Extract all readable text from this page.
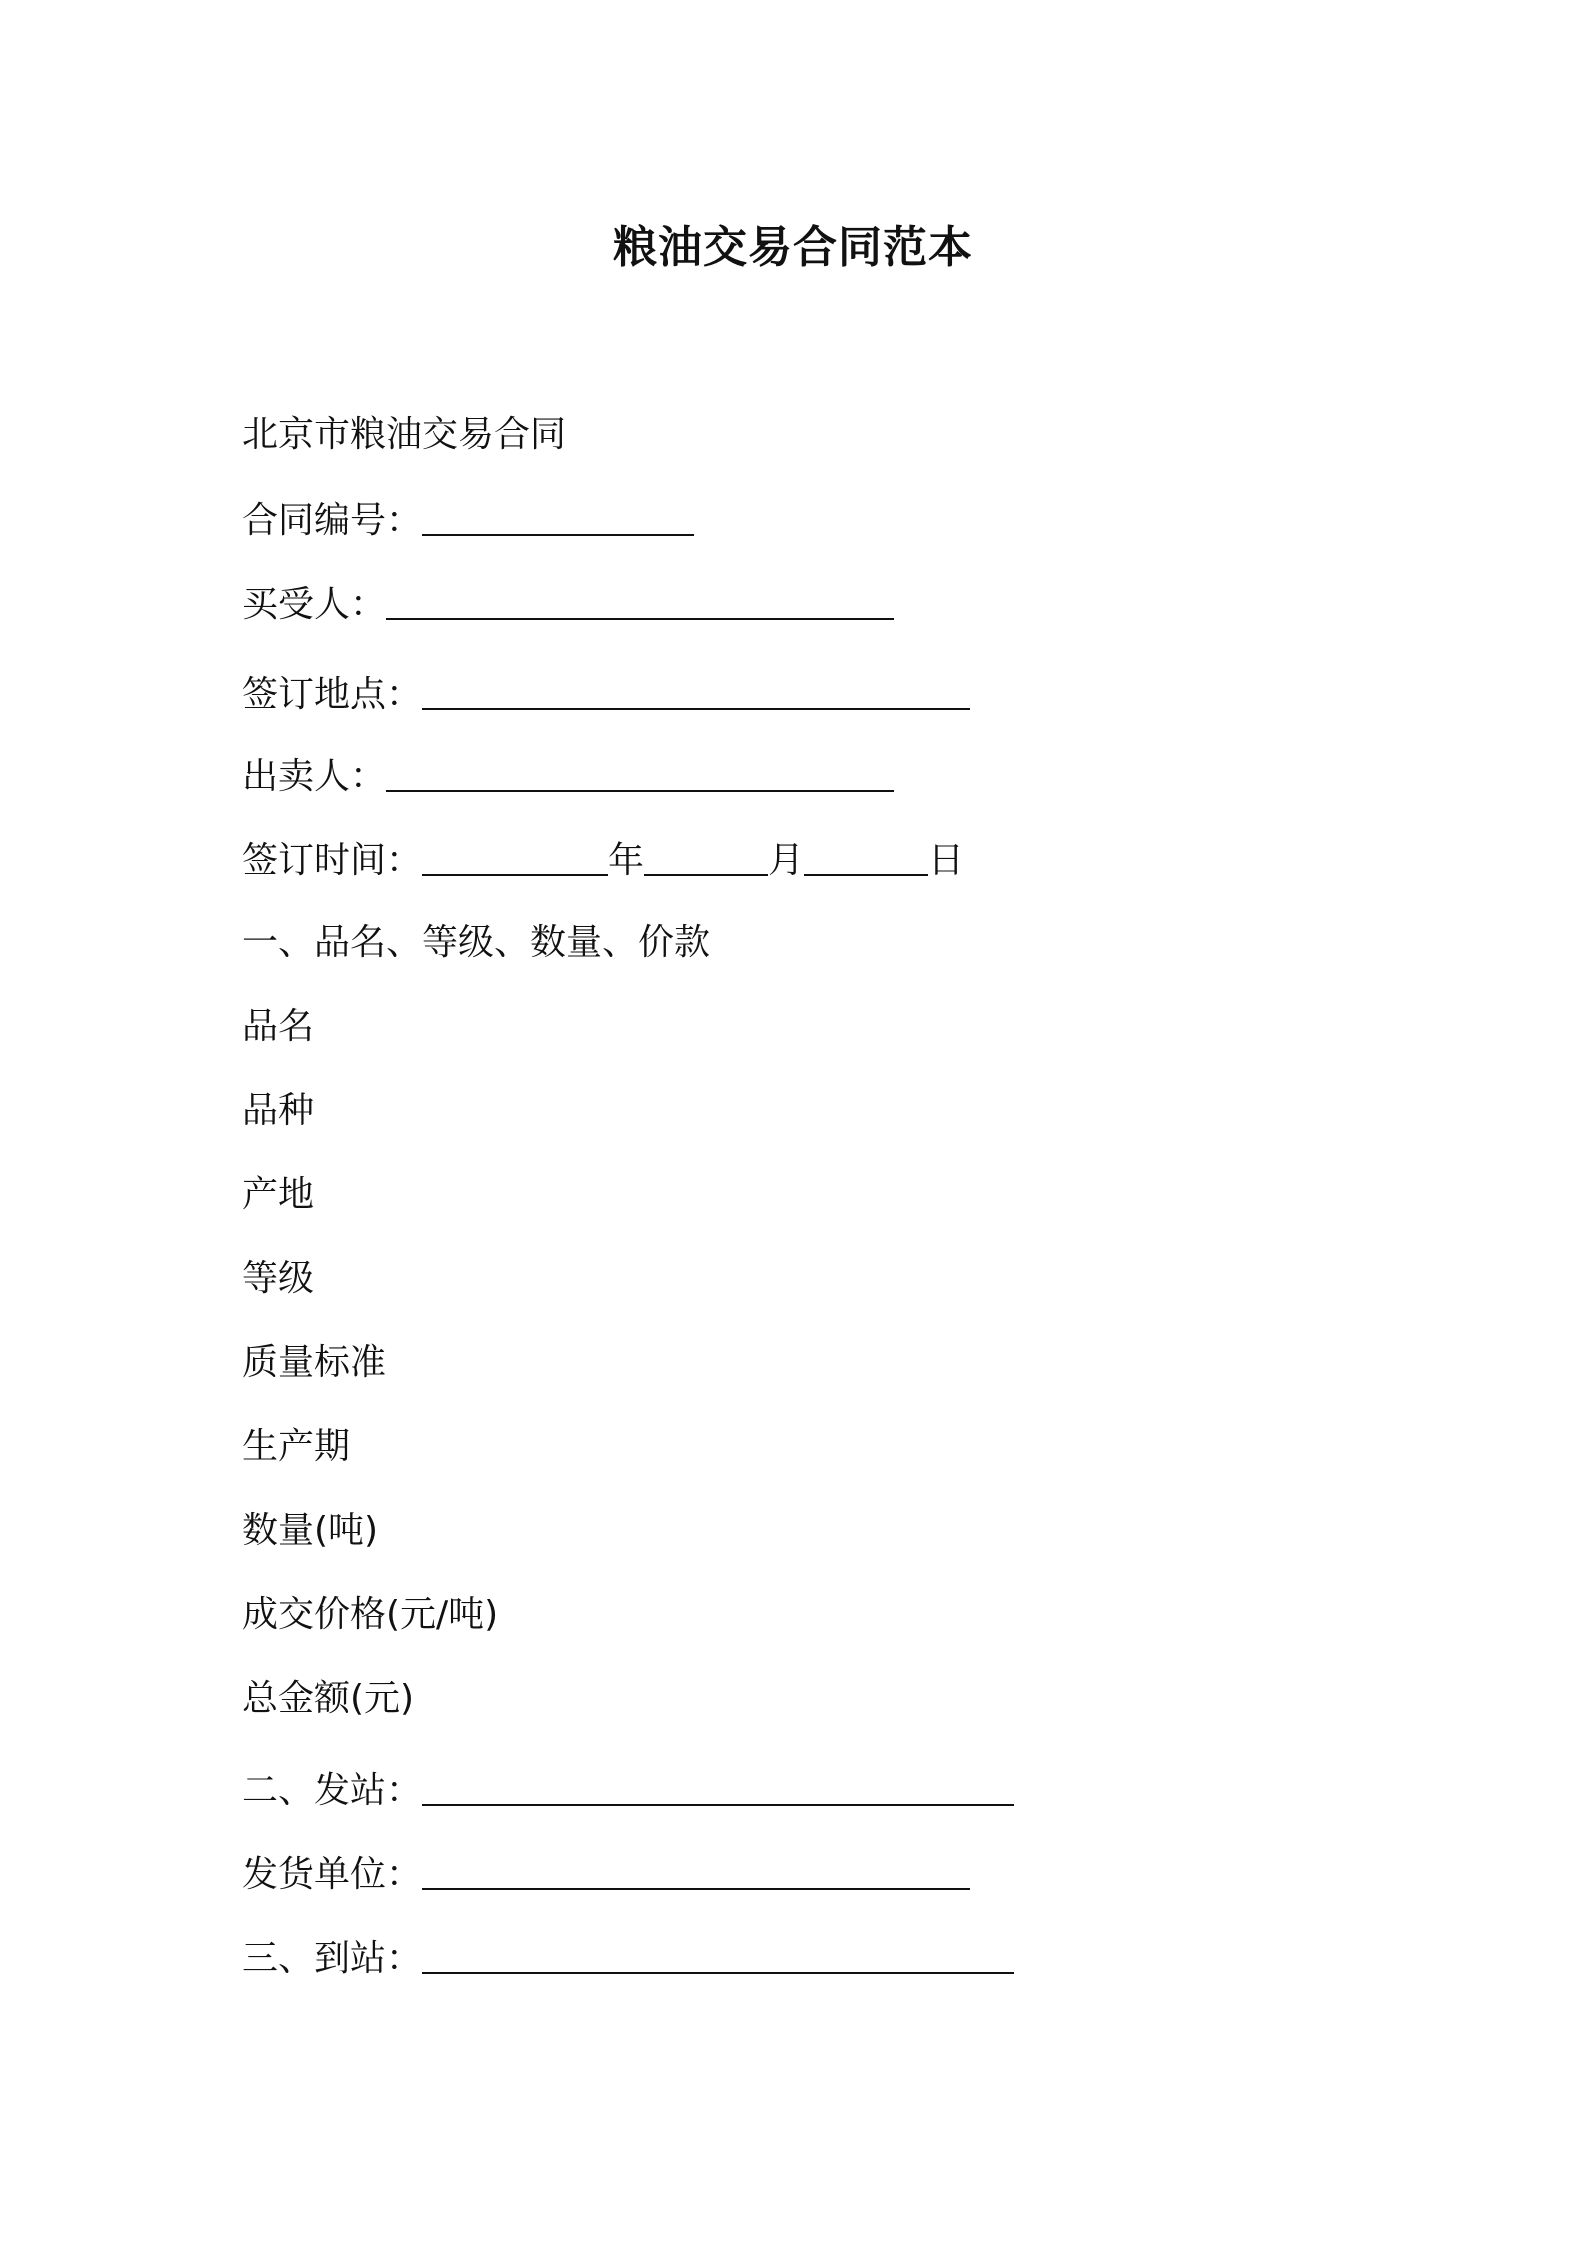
粮油交易合同范本
北京市粮油交易合同
合同编号：
买受人：
签订地点：
出卖人：
签订时间：	年	月	日
一、品名、等级、数量、价款
品名
品种
产地
等级
质量标准
生产期
数量(吨)
成交价格(元/吨)
总金额(元)
二、发站：
发货单位：
三、到站：
